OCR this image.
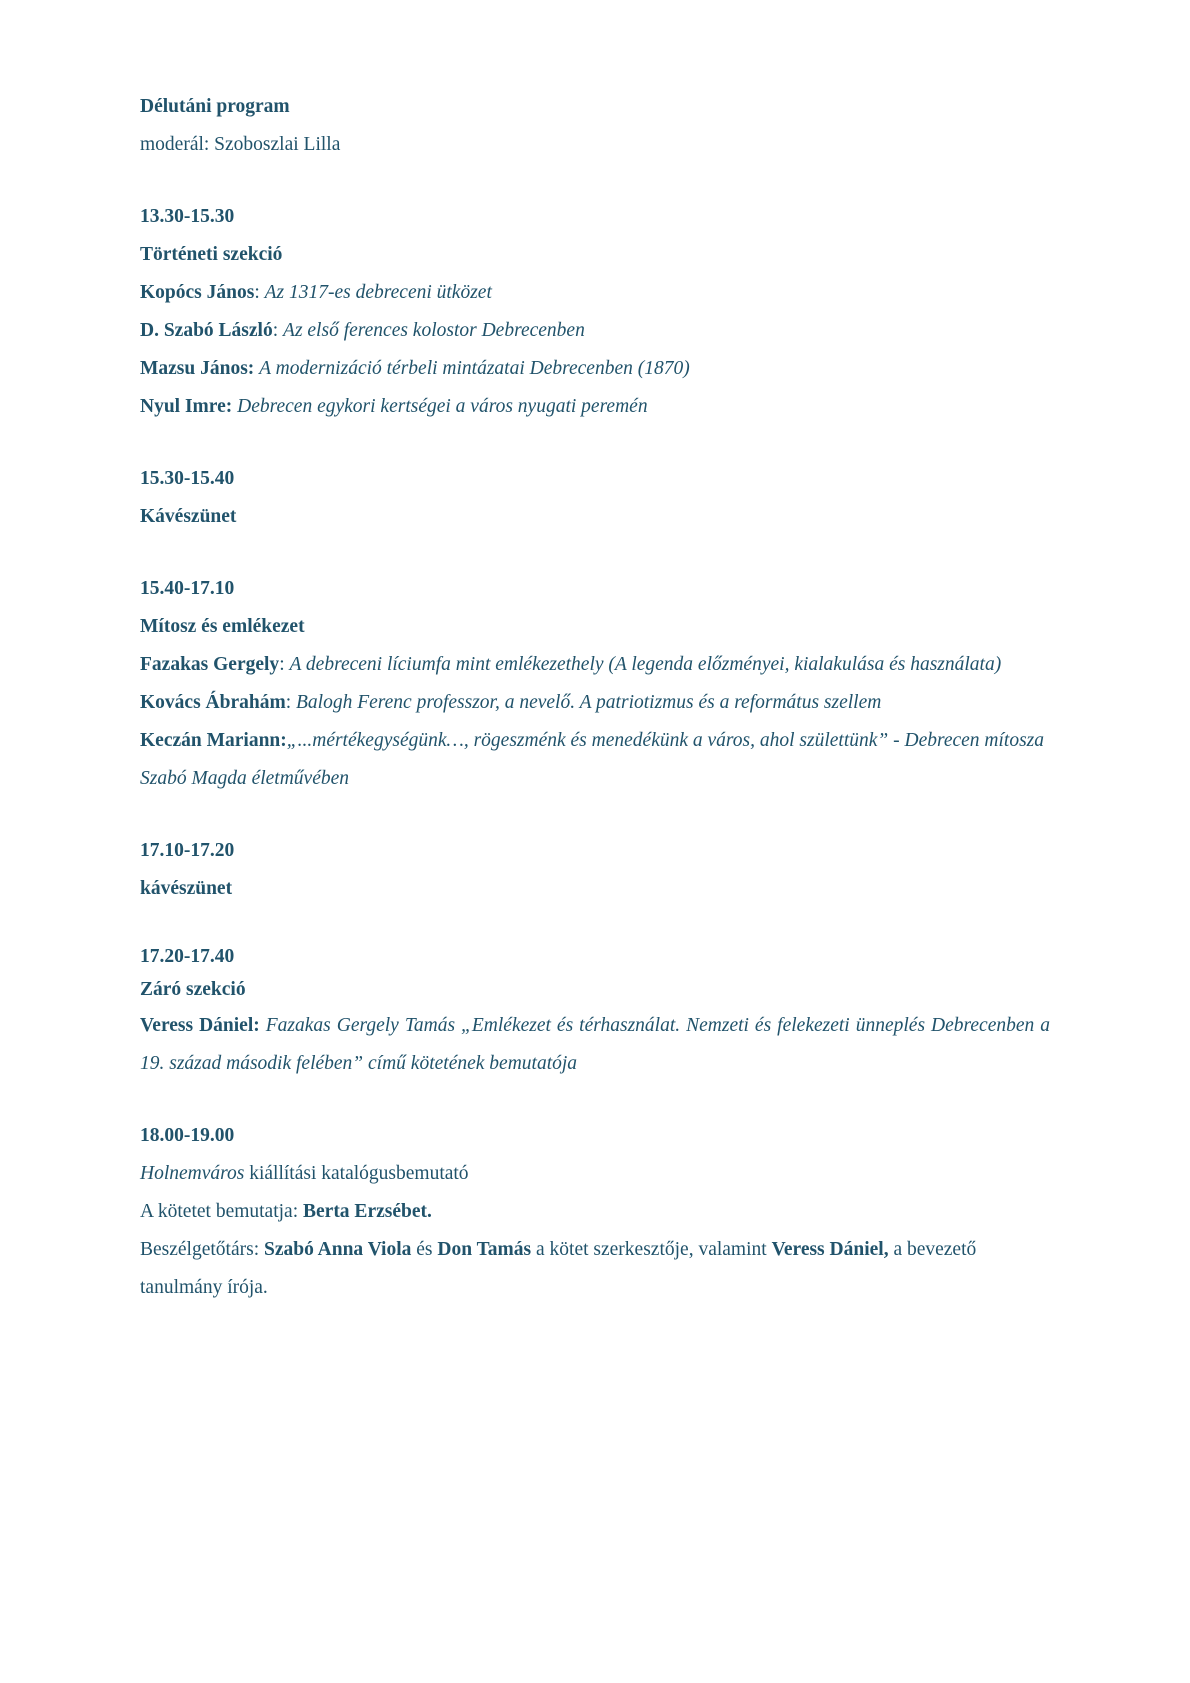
Délutáni program

moderál: Szoboszlai Lilla

13.30-15.30

Történeti szekció

Kopócs János: Az 1317-es debreceni ütközet

D. Szabó László: Az első ferences kolostor Debrecenben

Mazsu János: A modernizáció térbeli mintázatai Debrecenben (1870)

Nyul Imre: Debrecen egykori kertségei a város nyugati peremén

15.30-15.40

Kávészünet

15.40-17.10

Mítosz és emlékezet

Fazakas Gergely: A debreceni líciumfa mint emlékezethely (A legenda előzményei, kialakulása és használata)

Kovács Ábrahám: Balogh Ferenc professzor, a nevelő. A patriotizmus és a református szellem

Keczán Mariann:„...mértékegységünk…, rögeszménk és menedékünk a város, ahol születtünk” - Debrecen mítosza Szabó Magda életművében

17.10-17.20

kávészünet

17.20-17.40

Záró szekció

Veress Dániel: Fazakas Gergely Tamás „Emlékezet és térhasználat. Nemzeti és felekezeti ünneplés Debrecenben a 19. század második felében” című kötetének bemutatója

18.00-19.00

Holnemváros kiállítási katalógusbemutató

A kötetet bemutatja: Berta Erzsébet.

Beszélgetőtárs: Szabó Anna Viola és Don Tamás a kötet szerkesztője, valamint Veress Dániel, a bevezető tanulmány írója.
